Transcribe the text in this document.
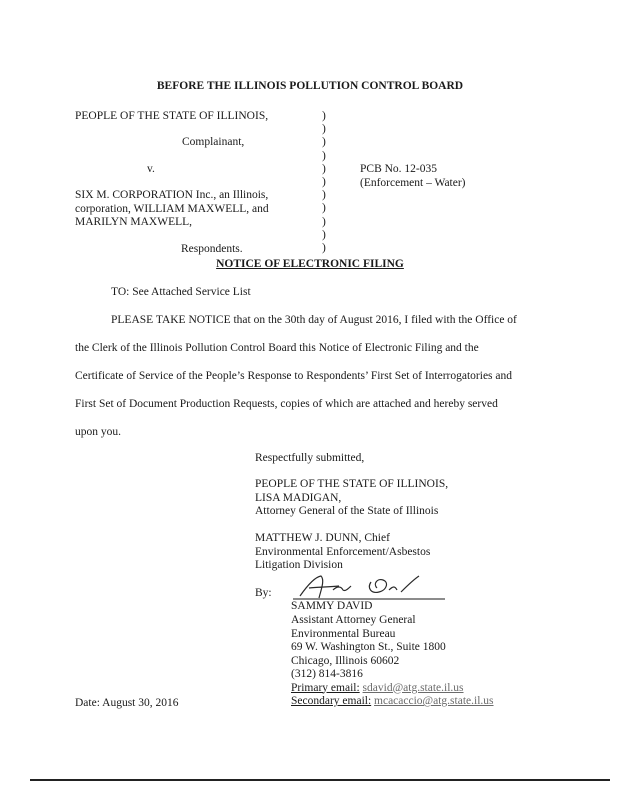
BEFORE THE ILLINOIS POLLUTION CONTROL BOARD
PEOPLE OF THE STATE OF ILLINOIS,
Complainant,
v.
SIX M. CORPORATION Inc., an Illinois,
corporation, WILLIAM MAXWELL, and
MARILYN MAXWELL,
Respondents.
)
)
)
)
)
)
)
)
)
)
)
PCB No. 12-035
(Enforcement – Water)
NOTICE OF ELECTRONIC FILING
TO: See Attached Service List
PLEASE TAKE NOTICE that on the 30th day of August 2016, I filed with the Office of
the Clerk of the Illinois Pollution Control Board this Notice of Electronic Filing and the
Certificate of Service of the People’s Response to Respondents’ First Set of Interrogatories and
First Set of Document Production Requests, copies of which are attached and hereby served
upon you.
Respectfully submitted,
PEOPLE OF THE STATE OF ILLINOIS,
LISA MADIGAN,
Attorney General of the State of Illinois
MATTHEW J. DUNN, Chief
Environmental Enforcement/Asbestos
Litigation Division
By:
SAMMY DAVID
Assistant Attorney General
Environmental Bureau
69 W. Washington St., Suite 1800
Chicago, Illinois 60602
(312) 814-3816
Primary email: sdavid@atg.state.il.us
Secondary email: mcacaccio@atg.state.il.us
Date: August 30, 2016
